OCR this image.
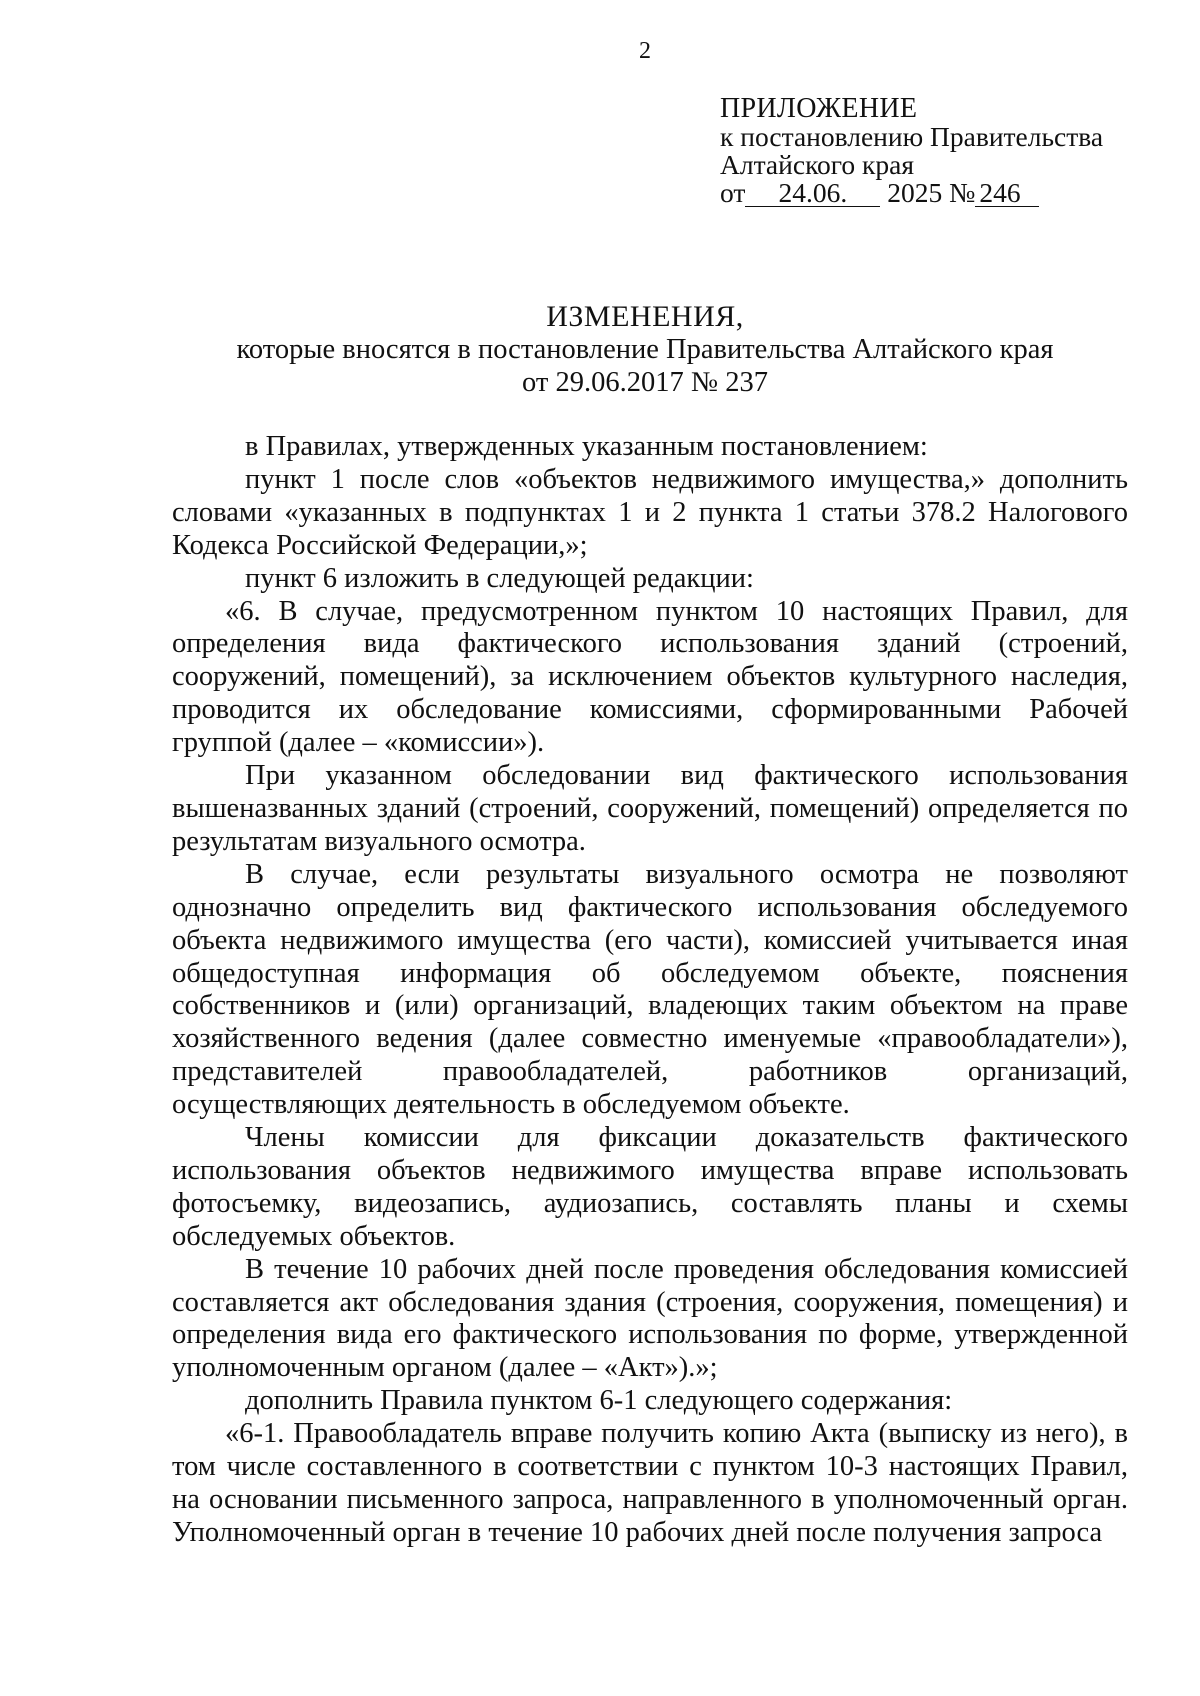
2
ПРИЛОЖЕНИЕ
к постановлению Правительства
Алтайского края
от 24.06. 2025 № 246
ИЗМЕНЕНИЯ,
которые вносятся в постановление Правительства Алтайского края
от 29.06.2017 № 237

в Правилах, утвержденных указанным постановлением:

пункт 1 после слов «объектов недвижимого имущества,» дополнить словами «указанных в подпунктах 1 и 2 пункта 1 статьи 378.2 Налогового Кодекса Российской Федерации,»;

пункт 6 изложить в следующей редакции:

«6. В случае, предусмотренном пунктом 10 настоящих Правил, для определения вида фактического использования зданий (строений, сооружений, помещений), за исключением объектов культурного наследия, проводится их обследование комиссиями, сформированными Рабочей группой (далее – «комиссии»).

При указанном обследовании вид фактического использования вышеназванных зданий (строений, сооружений, помещений) определяется по результатам визуального осмотра.

В случае, если результаты визуального осмотра не позволяют однозначно определить вид фактического использования обследуемого объекта недвижимого имущества (его части), комиссией учитывается иная общедоступная информация об обследуемом объекте, пояснения собственников и (или) организаций, владеющих таким объектом на праве хозяйственного ведения (далее совместно именуемые «правообладатели»), представителей правообладателей, работников организаций, осуществляющих деятельность в обследуемом объекте.

Члены комиссии для фиксации доказательств фактического использования объектов недвижимого имущества вправе использовать фотосъемку, видеозапись, аудиозапись, составлять планы и схемы обследуемых объектов.

В течение 10 рабочих дней после проведения обследования комиссией составляется акт обследования здания (строения, сооружения, помещения) и определения вида его фактического использования по форме, утвержденной уполномоченным органом (далее – «Акт»).»;

дополнить Правила пунктом 6-1 следующего содержания:

«6-1. Правообладатель вправе получить копию Акта (выписку из него), в том числе составленного в соответствии с пунктом 10-3 настоящих Правил, на основании письменного запроса, направленного в уполномоченный орган. Уполномоченный орган в течение 10 рабочих дней после получения запроса
